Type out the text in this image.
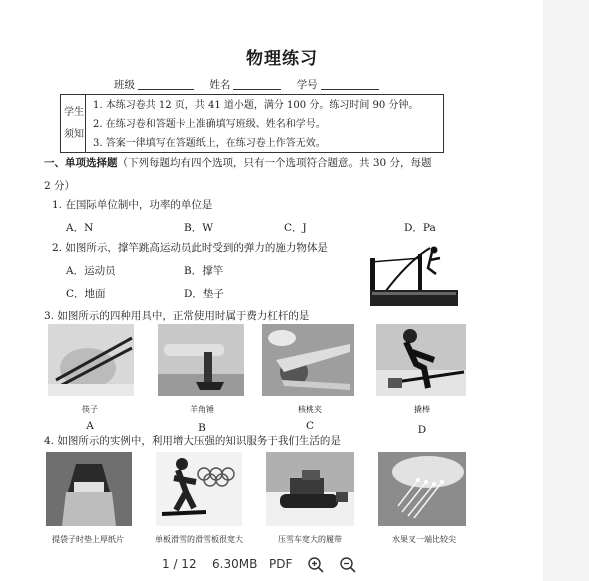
物理练习
班级	姓名	学号
学生
须知
1. 本练习卷共 12 页，共 41 道小题，满分 100 分。练习时间 90 分钟。
2. 在练习卷和答题卡上准确填写班级、姓名和学号。
3. 答案一律填写在答题纸上，在练习卷上作答无效。
一、单项选择题（下列每题均有四个选项，只有一个选项符合题意。共 30 分，每题
2 分）
1. 在国际单位制中，功率的单位是
A．N	B．W	C．J	D．Pa
2. 如图所示，撑竿跳高运动员此时受到的弹力的施力物体是
A．运动员	B．撑竿
C．地面	D．垫子
3. 如图所示的四种用具中，正常使用时属于费力杠杆的是
筷子	羊角锤	核桃夹	撬棒
A	B	C	D
4. 如图所示的实例中，利用增大压强的知识服务于我们生活的是
提袋子时垫上厚纸片	单板滑雪的滑雪板很宽大	压雪车宽大的履带	水果叉一端比较尖
1 / 12 6.30MB PDF
